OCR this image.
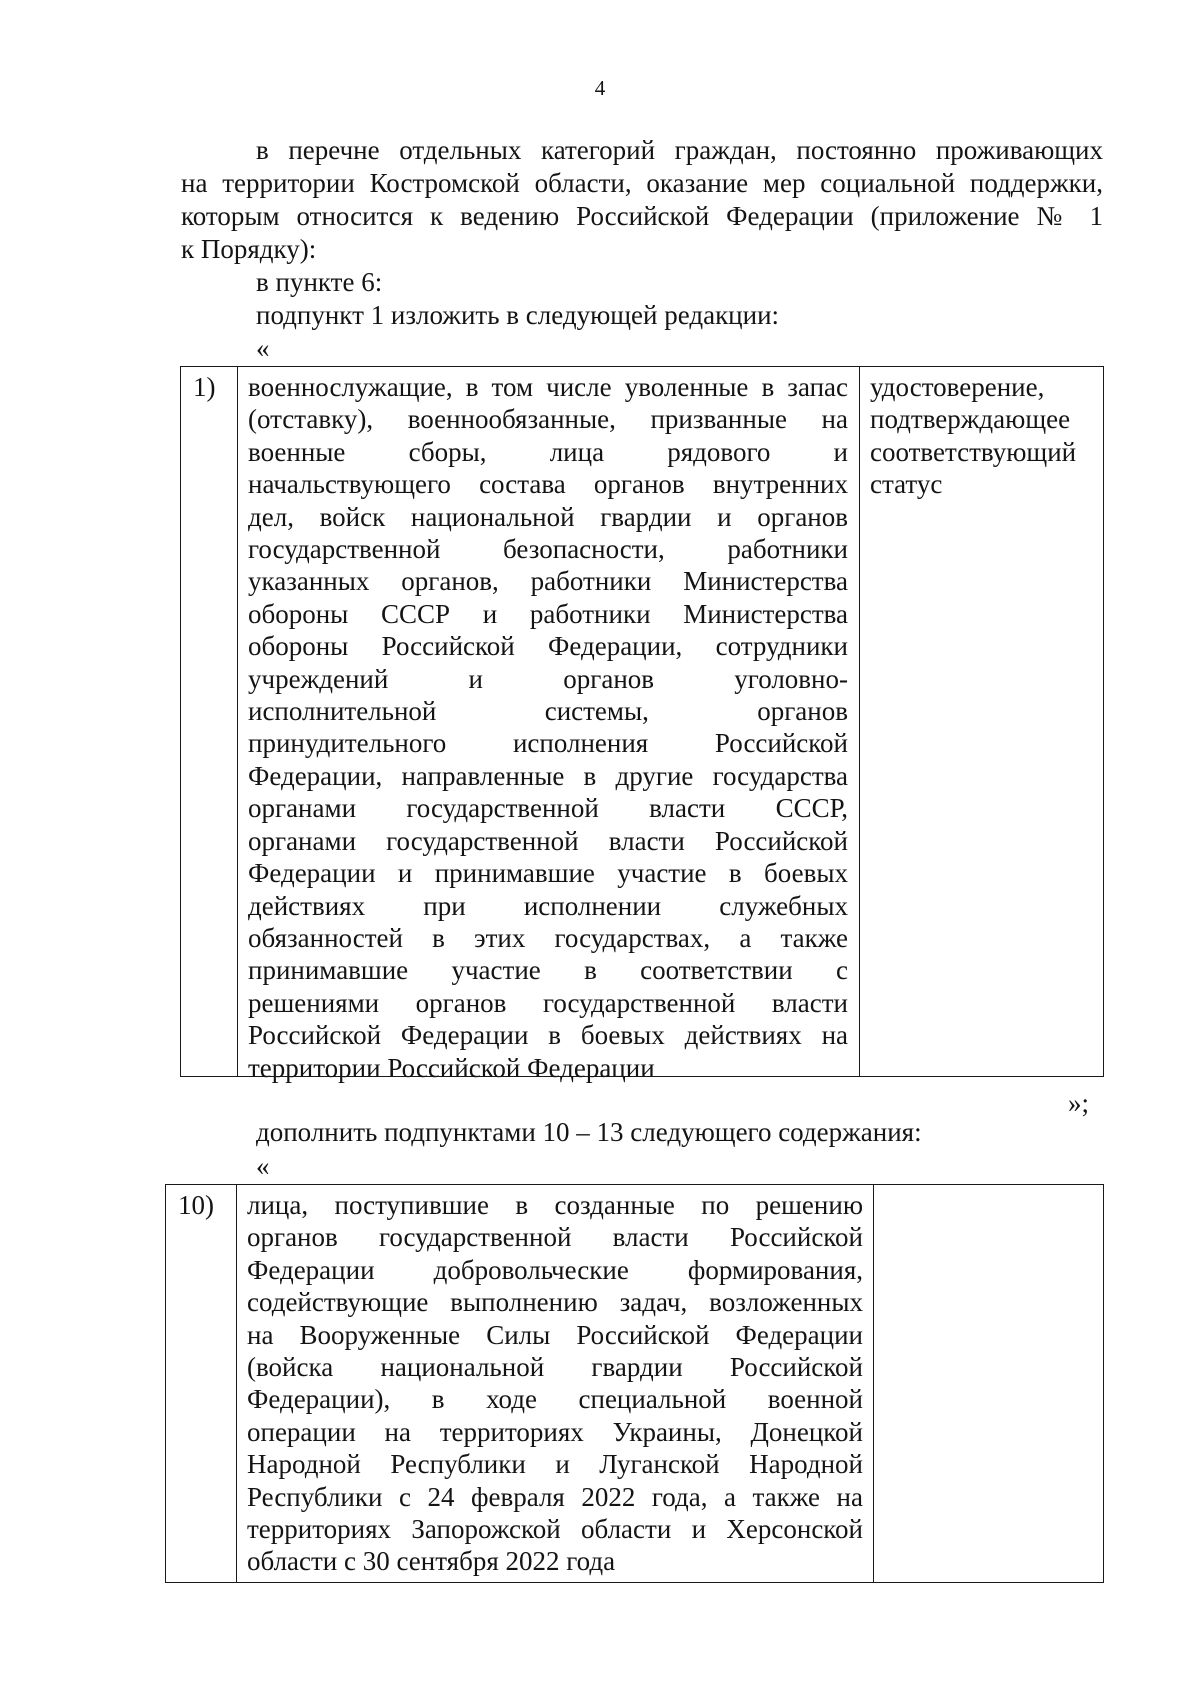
4
в перечне отдельных категорий граждан, постоянно проживающих
на территории Костромской области, оказание мер социальной поддержки,
которым относится к ведению Российской Федерации (приложение № 1
к Порядку):
в пункте 6:
подпункт 1 изложить в следующей редакции:
«
1) военнослужащие, в том числе уволенные в запас
(отставку), военнообязанные, призванные на
военные сборы, лица рядового и
начальствующего состава органов внутренних
дел, войск национальной гвардии и органов
государственной безопасности, работники
указанных органов, работники Министерства
обороны СССР и работники Министерства
обороны Российской Федерации, сотрудники
учреждений и органов уголовно-
исполнительной системы, органов
принудительного исполнения Российской
Федерации, направленные в другие государства
органами государственной власти СССР,
органами государственной власти Российской
Федерации и принимавшие участие в боевых
действиях при исполнении служебных
обязанностей в этих государствах, а также
принимавшие участие в соответствии с
решениями органов государственной власти
Российской Федерации в боевых действиях на
территории Российской Федерации
удостоверение,
подтверждающее
соответствующий
статус
»;
дополнить подпунктами 10 – 13 следующего содержания:
«
10) лица, поступившие в созданные по решению
органов государственной власти Российской
Федерации добровольческие формирования,
содействующие выполнению задач, возложенных
на Вооруженные Силы Российской Федерации
(войска национальной гвардии Российской
Федерации), в ходе специальной военной
операции на территориях Украины, Донецкой
Народной Республики и Луганской Народной
Республики с 24 февраля 2022 года, а также на
территориях Запорожской области и Херсонской
области с 30 сентября 2022 года
